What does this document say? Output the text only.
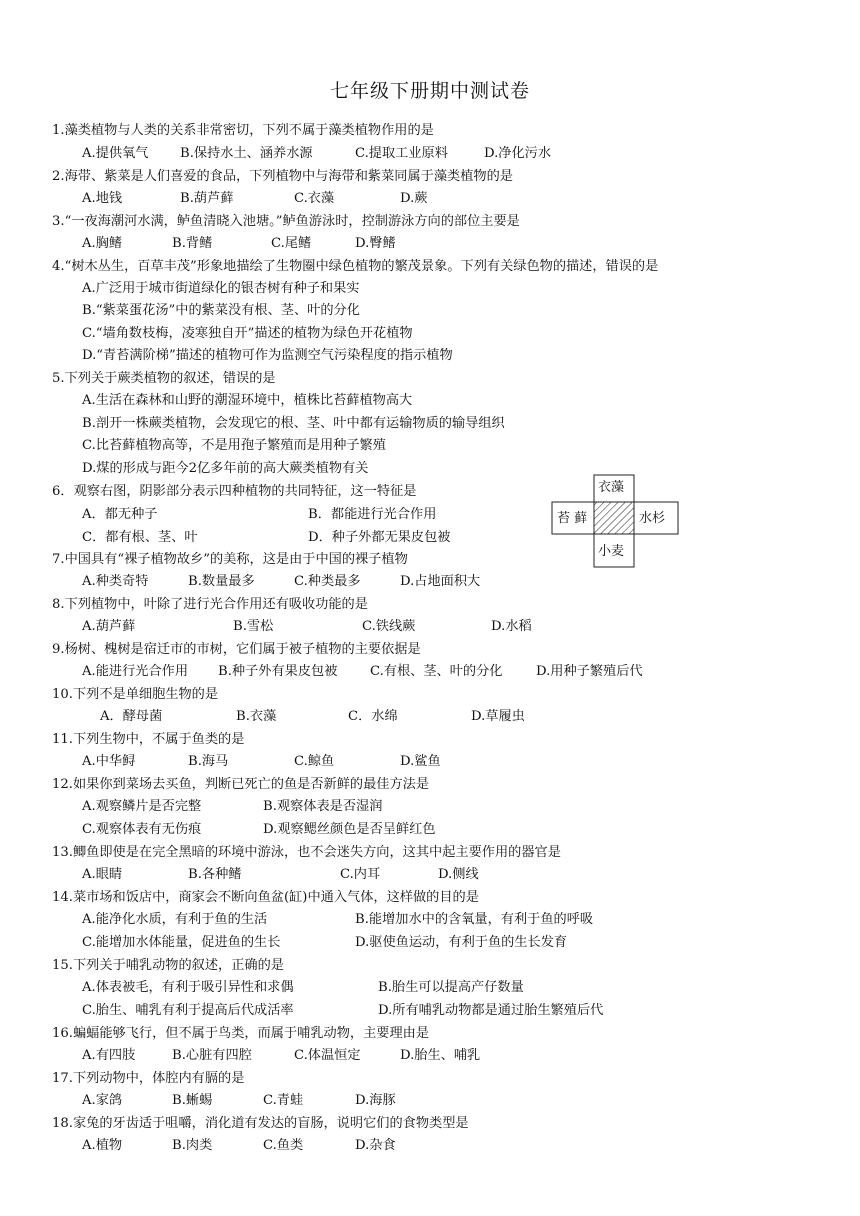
七年级下册期中测试卷
1.藻类植物与人类的关系非常密切，下列不属于藻类植物作用的是
A.提供氧气 B.保持水土、涵养水源	C.提取工业原料	D.净化污水
2.海带、紫菜是人们喜爱的食品，下列植物中与海带和紫菜同属于藻类植物的是
A.地钱	B.葫芦藓	C.衣藻	D.蕨
3.“一夜海潮河水满，鲈鱼清晓入池塘。”鲈鱼游泳时，控制游泳方向的部位主要是
A.胸鳍	B.背鳍	C.尾鳍	D.臀鳍
4.“树木丛生，百草丰茂”形象地描绘了生物圈中绿色植物的繁茂景象。下列有关绿色物的描述，错误的是
A.广泛用于城市街道绿化的银杏树有种子和果实
B.“紫菜蛋花汤”中的紫菜没有根、茎、叶的分化
C.“墙角数枝梅，凌寒独自开”描述的植物为绿色开花植物
D.“青苔满阶梯”描述的植物可作为监测空气污染程度的指示植物
5.下列关于蕨类植物的叙述，错误的是
A.生活在森林和山野的潮湿环境中，植株比苔藓植物高大
B.剖开一株蕨类植物，会发现它的根、茎、叶中都有运输物质的输导组织
C.比苔藓植物高等，不是用孢子繁殖而是用种子繁殖
D.煤的形成与距今2亿多年前的高大蕨类植物有关
6．观察右图，阴影部分表示四种植物的共同特征，这一特征是
A．都无种子	B．都能进行光合作用
C．都有根、茎、叶	D．种子外都无果皮包被
衣藻
苔 藓	水杉
小麦
7.中国具有“裸子植物故乡”的美称，这是由于中国的裸子植物
A.种类奇特	B.数量最多	C.种类最多	D.占地面积大
8.下列植物中，叶除了进行光合作用还有吸收功能的是
A.葫芦藓	B.雪松	C.铁线蕨	D.水稻
9.杨树、槐树是宿迁市的市树，它们属于被子植物的主要依据是
A.能进行光合作用 B.种子外有果皮包被 C.有根、茎、叶的分化	D.用种子繁殖后代
10.下列不是单细胞生物的是
A．酵母菌	B.衣藻	C．水绵	D.草履虫
11.下列生物中，不属于鱼类的是
A.中华鲟	B.海马	C.鲸鱼	D.鲨鱼
12.如果你到菜场去买鱼，判断已死亡的鱼是否新鲜的最佳方法是
A.观察鳞片是否完整	B.观察体表是否湿润
C.观察体表有无伤痕	D.观察鳃丝颜色是否呈鲜红色
13.鲫鱼即使是在完全黑暗的环境中游泳，也不会迷失方向，这其中起主要作用的器官是
A.眼睛	B.各种鳍	C.内耳	D.侧线
14.菜市场和饭店中，商家会不断向鱼盆(缸)中通入气体，这样做的目的是
A.能净化水质，有利于鱼的生活	B.能增加水中的含氧量，有利于鱼的呼吸
C.能增加水体能量，促进鱼的生长	D.驱使鱼运动，有利于鱼的生长发育
15.下列关于哺乳动物的叙述，正确的是
A.体表被毛，有利于吸引异性和求偶	B.胎生可以提高产仔数量
C.胎生、哺乳有利于提高后代成活率	D.所有哺乳动物都是通过胎生繁殖后代
16.蝙蝠能够飞行，但不属于鸟类，而属于哺乳动物，主要理由是
A.有四肢	B.心脏有四腔	C.体温恒定	D.胎生、哺乳
17.下列动物中，体腔内有膈的是
A.家鸽	B.蜥蜴	C.青蛙	D.海豚
18.家兔的牙齿适于咀嚼，消化道有发达的盲肠，说明它们的食物类型是
A.植物	B.肉类	C.鱼类	D.杂食
